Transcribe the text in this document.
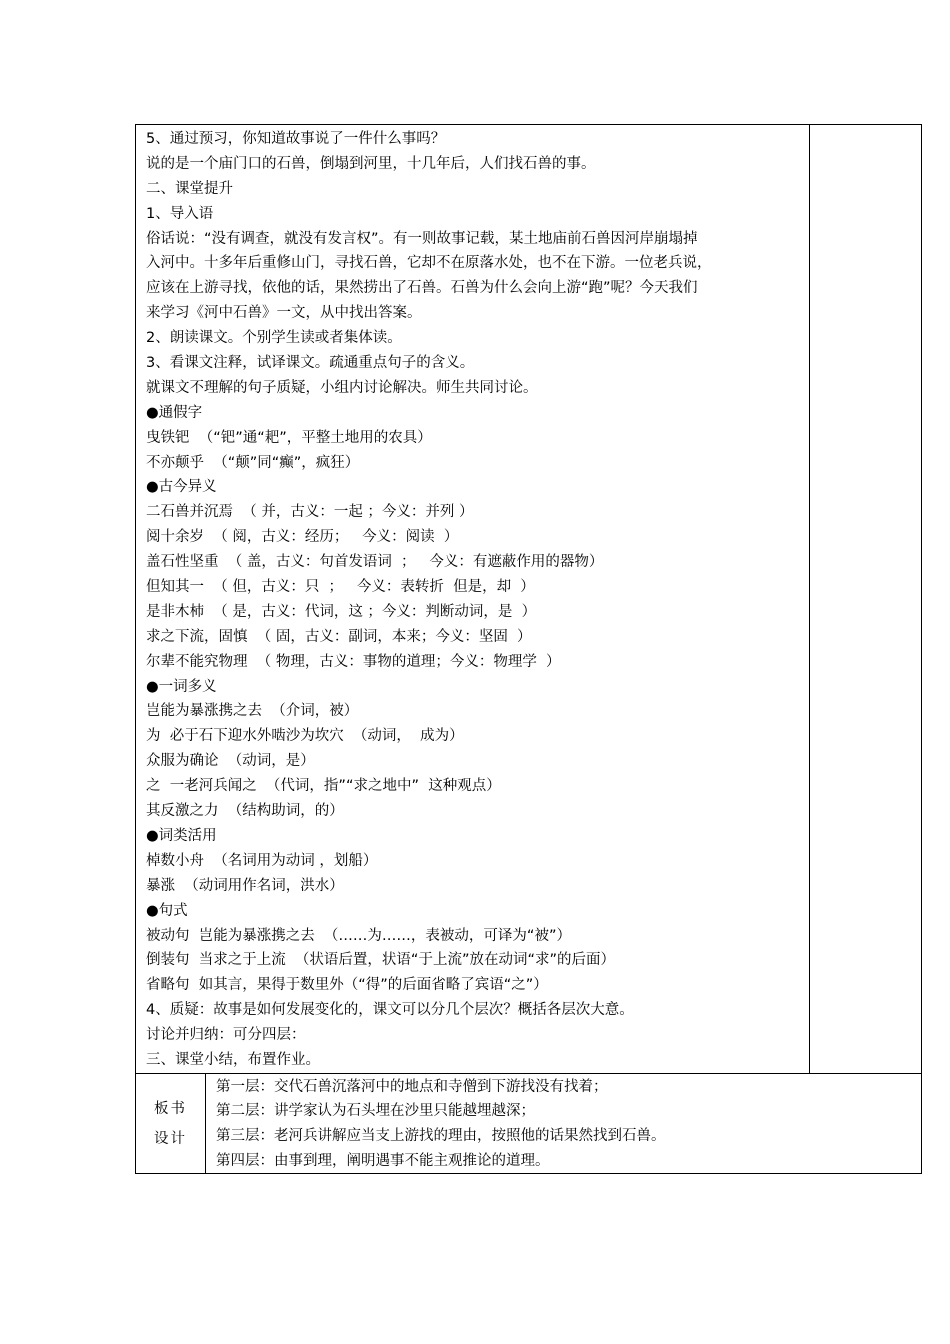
5、通过预习，你知道故事说了一件什么事吗？
说的是一个庙门口的石兽，倒塌到河里，十几年后，人们找石兽的事。
二、课堂提升
1、导入语
俗话说：“没有调查，就没有发言权”。有一则故事记载，某土地庙前石兽因河岸崩塌掉
入河中。十多年后重修山门，寻找石兽，它却不在原落水处，也不在下游。一位老兵说，
应该在上游寻找，依他的话，果然捞出了石兽。石兽为什么会向上游“跑”呢？今天我们
来学习《河中石兽》一文，从中找出答案。
2、朗读课文。个别学生读或者集体读。
3、看课文注释，试译课文。疏通重点句子的含义。
就课文不理解的句子质疑，小组内讨论解决。师生共同讨论。
●通假字
曳铁钯  （“钯”通“耙”，平整土地用的农具）
不亦颠乎  （“颠”同“癫”，疯狂）
●古今异义
二石兽并沉焉  （ 并，古义：一起 ；今义：并列 ）
阅十余岁  （ 阅，古义：经历；   今义：阅读  ）
盖石性坚重  （ 盖，古义：句首发语词  ；   今义：有遮蔽作用的器物）
但知其一  （ 但，古义：只  ；   今义：表转折  但是，却  ）
是非木杮  （ 是，古义：代词，这 ；今义：判断动词，是  ）
求之下流，固慎  （ 固，古义：副词，本来；今义：坚固  ）
尔辈不能究物理  （ 物理，古义：事物的道理；今义：物理学  ）
●一词多义
岂能为暴涨携之去  （介词，被）
为  必于石下迎水外啮沙为坎穴  （动词，  成为）
众服为确论  （动词，是）
之  一老河兵闻之  （代词，指”“求之地中”  这种观点）
其反激之力  （结构助词，的）
●词类活用
棹数小舟  （名词用为动词 ，划船）
暴涨  （动词用作名词，洪水）
●句式
被动句  岂能为暴涨携之去  （……为……，表被动，可译为“被”）
倒装句  当求之于上流  （状语后置，状语“于上流”放在动词“求”的后面）
省略句  如其言，果得于数里外（“得”的后面省略了宾语“之”）
4、质疑：故事是如何发展变化的，课文可以分几个层次？概括各层次大意。
讨论并归纳：可分四层：
三、课堂小结，布置作业。
板书设计
第一层：交代石兽沉落河中的地点和寺僧到下游找没有找着；
第二层：讲学家认为石头埋在沙里只能越埋越深；
第三层：老河兵讲解应当支上游找的理由，按照他的话果然找到石兽。
第四层：由事到理，阐明遇事不能主观推论的道理。
